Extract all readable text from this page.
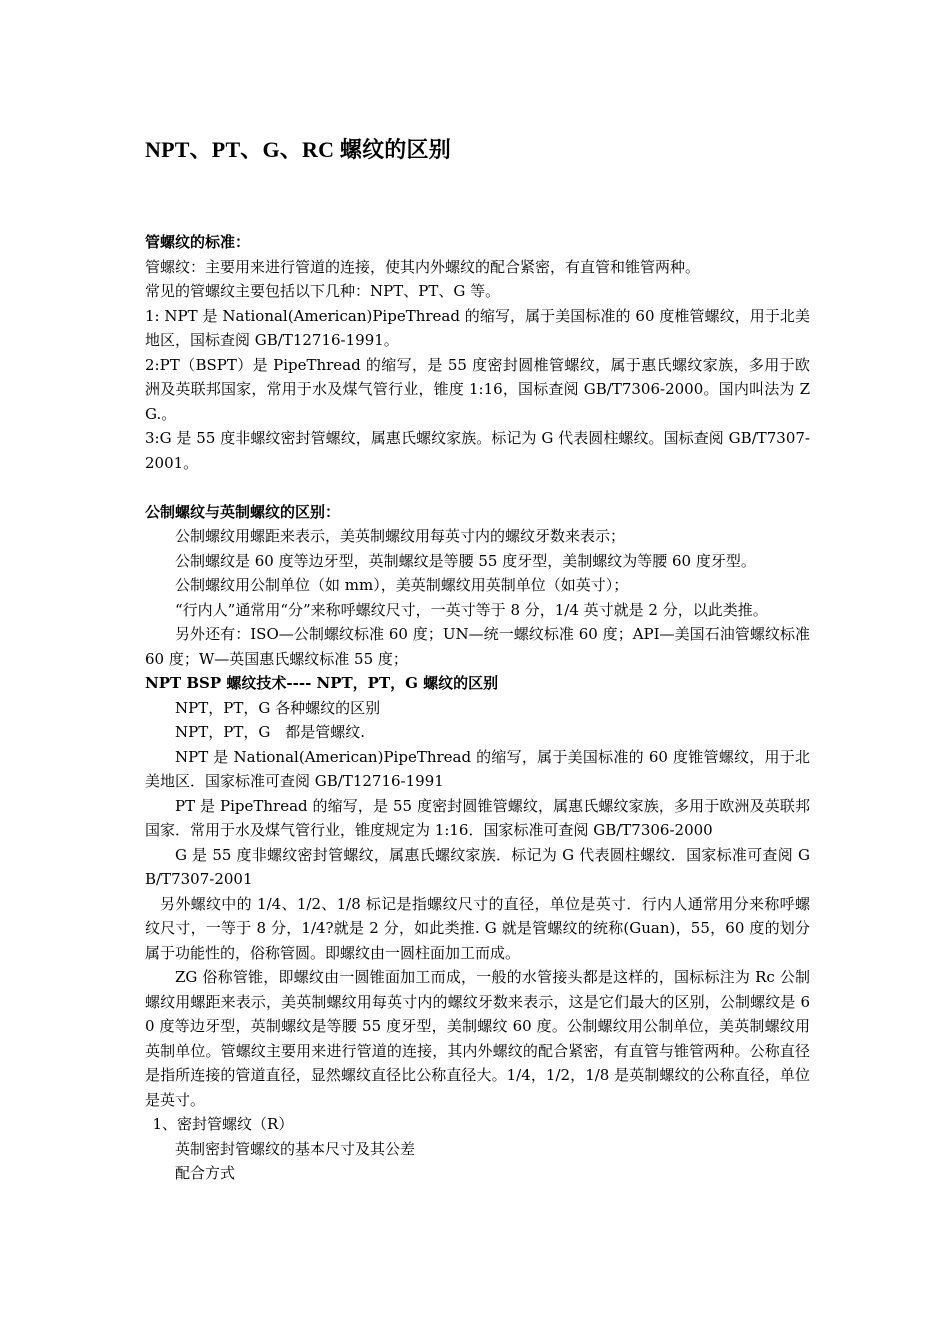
NPT、PT、G、RC 螺纹的区别

管螺纹的标准：

管螺纹：主要用来进行管道的连接，使其内外螺纹的配合紧密，有直管和锥管两种。

常见的管螺纹主要包括以下几种：NPT、PT、G 等。

1: NPT 是 National(American)PipeThread 的缩写，属于美国标准的 60 度椎管螺纹，用于北美地区，国标查阅 GB/T12716-1991。

2:PT（BSPT）是 PipeThread 的缩写，是 55 度密封圆椎管螺纹，属于惠氏螺纹家族，多用于欧洲及英联邦国家，常用于水及煤气管行业，锥度 1:16，国标查阅 GB/T7306-2000。国内叫法为 ZG.。

3:G 是 55 度非螺纹密封管螺纹，属惠氏螺纹家族。标记为 G 代表圆柱螺纹。国标查阅 GB/T7307-2001。

公制螺纹与英制螺纹的区别：

公制螺纹用螺距来表示，美英制螺纹用每英寸内的螺纹牙数来表示；

公制螺纹是 60 度等边牙型，英制螺纹是等腰 55 度牙型，美制螺纹为等腰 60 度牙型。

公制螺纹用公制单位（如 mm），美英制螺纹用英制单位（如英寸）；

“行内人”通常用“分”来称呼螺纹尺寸，一英寸等于 8 分，1/4 英寸就是 2 分，以此类推。

另外还有：ISO—公制螺纹标准 60 度；UN—统一螺纹标准 60 度；API—美国石油管螺纹标准 60 度；W—英国惠氏螺纹标准 55 度；

NPT BSP 螺纹技术---- NPT，PT，G 螺纹的区别

NPT，PT，G 各种螺纹的区别

NPT，PT，G　都是管螺纹.

NPT 是 National(American)PipeThread 的缩写，属于美国标准的 60 度锥管螺纹，用于北美地区．国家标准可查阅 GB/T12716-1991

PT 是 PipeThread 的缩写，是 55 度密封圆锥管螺纹，属惠氏螺纹家族，多用于欧洲及英联邦国家．常用于水及煤气管行业，锥度规定为 1:16．国家标准可查阅 GB/T7306-2000

G 是 55 度非螺纹密封管螺纹，属惠氏螺纹家族．标记为 G 代表圆柱螺纹．国家标准可查阅 GB/T7307-2001

另外螺纹中的 1/4、1/2、1/8 标记是指螺纹尺寸的直径，单位是英寸．行内人通常用分来称呼螺纹尺寸，一等于 8 分，1/4?就是 2 分，如此类推. G 就是管螺纹的统称(Guan)，55，60 度的划分属于功能性的，俗称管圆。即螺纹由一圆柱面加工而成。

ZG 俗称管锥，即螺纹由一圆锥面加工而成，一般的水管接头都是这样的，国标标注为 Rc 公制螺纹用螺距来表示，美英制螺纹用每英寸内的螺纹牙数来表示，这是它们最大的区别，公制螺纹是 60 度等边牙型，英制螺纹是等腰 55 度牙型，美制螺纹 60 度。公制螺纹用公制单位，美英制螺纹用英制单位。管螺纹主要用来进行管道的连接，其内外螺纹的配合紧密，有直管与锥管两种。公称直径是指所连接的管道直径，显然螺纹直径比公称直径大。1/4，1/2，1/8 是英制螺纹的公称直径，单位是英寸。

1、密封管螺纹（R）

英制密封管螺纹的基本尺寸及其公差

配合方式
